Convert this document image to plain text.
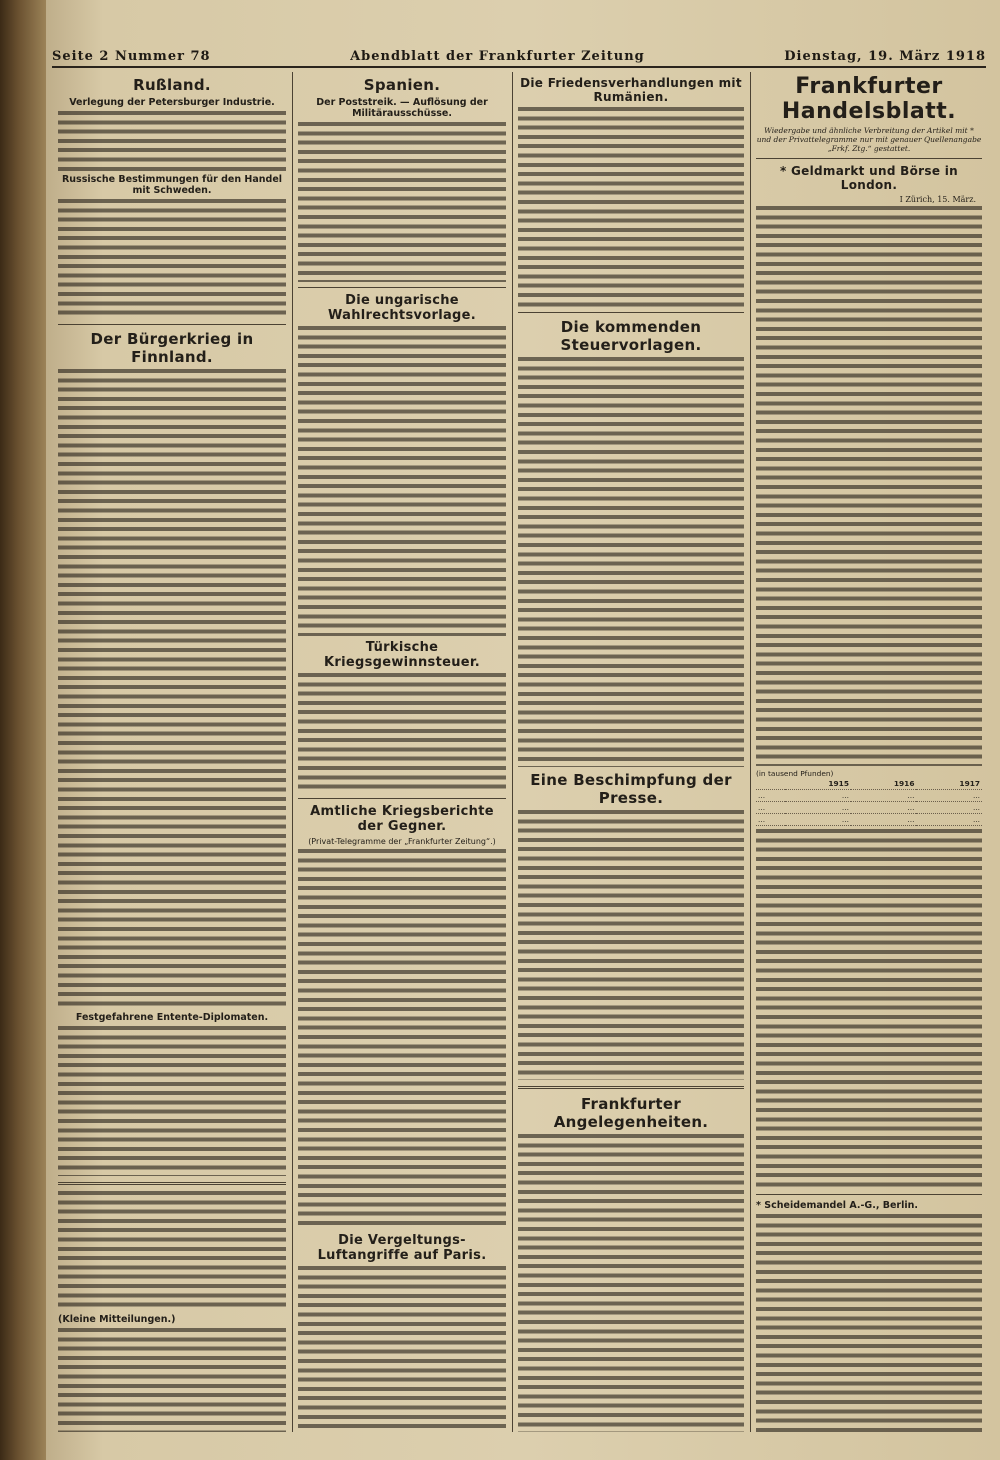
Seite 2 Nummer 78	Abendblatt der Frankfurter Zeitung	Dienstag, 19. März 1918
Rußland.
Verlegung der Petersburger Industrie.
Russische Bestimmungen für den Handel mit Schweden.
Der Bürgerkrieg in Finnland.
Festgefahrene Entente-Diplomaten.
(Kleine Mitteilungen.)
Spanien.
Der Poststreik. — Auflösung der Militärausschüsse.
Die ungarische Wahlrechtsvorlage.
Türkische Kriegsgewinnsteuer.
Amtliche Kriegsberichte der Gegner.
(Privat-Telegramme der „Frankfurter Zeitung“.)
Die Vergeltungs-Luftangriffe auf Paris.
Die Friedensverhandlungen mit Rumänien.
Die kommenden Steuervorlagen.
Eine Beschimpfung der Presse.
Frankfurter Angelegenheiten.
Frankfurter Handelsblatt.
Wiedergabe und ähnliche Verbreitung der Artikel mit * und der Privattelegramme nur mit genauer Quellenangabe „Frkf. Ztg.“ gestattet.
* Geldmarkt und Börse in London.
I Zürich, 15. März.
(in tausend Pfunden)
	1915	1916	1917
...	...	...	...
...	...	...	...
...	...	...	...
* Scheidemandel A.-G., Berlin.
